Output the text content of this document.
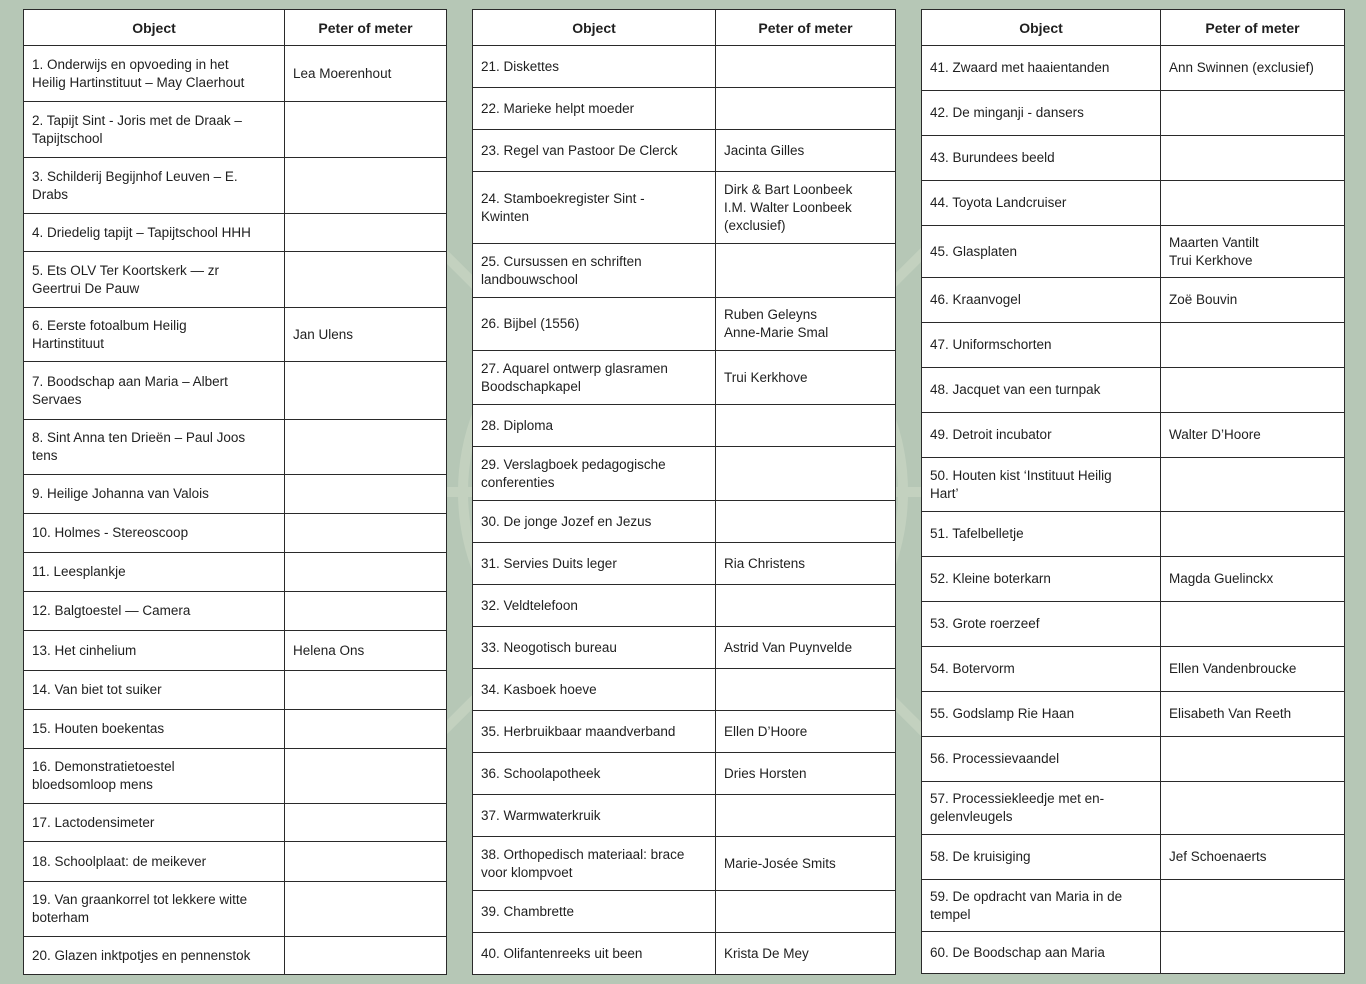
Object	Peter of meter
1. Onderwijs en opvoeding in het
Heilig Hartinstituut – May Claerhout	Lea Moerenhout
2. Tapijt Sint - Joris met de Draak –
Tapijtschool	
3. Schilderij Begijnhof Leuven – E.
Drabs	
4. Driedelig tapijt – Tapijtschool HHH	
5. Ets OLV Ter Koortskerk — zr
Geertrui De Pauw	
6. Eerste fotoalbum Heilig
Hartinstituut	Jan Ulens
7. Boodschap aan Maria – Albert
Servaes	
8. Sint Anna ten Drieën – Paul Joos
tens	
9. Heilige Johanna van Valois	
10. Holmes - Stereoscoop	
11. Leesplankje	
12. Balgtoestel — Camera	
13. Het cinhelium	Helena Ons
14. Van biet tot suiker	
15. Houten boekentas	
16. Demonstratietoestel
bloedsomloop mens	
17. Lactodensimeter	
18. Schoolplaat: de meikever	
19. Van graankorrel tot lekkere witte
boterham	
20. Glazen inktpotjes en pennenstok	
Object	Peter of meter
21. Diskettes	
22. Marieke helpt moeder	
23. Regel van Pastoor De Clerck	Jacinta Gilles
24. Stamboekregister Sint -
Kwinten	Dirk & Bart Loonbeek
I.M. Walter Loonbeek
(exclusief)
25. Cursussen en schriften
landbouwschool	
26. Bijbel (1556)	Ruben Geleyns
Anne-Marie Smal
27. Aquarel ontwerp glasramen
Boodschapkapel	Trui Kerkhove
28. Diploma	
29. Verslagboek pedagogische
conferenties	
30. De jonge Jozef en Jezus	
31. Servies Duits leger	Ria Christens
32. Veldtelefoon	
33. Neogotisch bureau	Astrid Van Puynvelde
34. Kasboek hoeve	
35. Herbruikbaar maandverband	Ellen D’Hoore
36. Schoolapotheek	Dries Horsten
37. Warmwaterkruik	
38. Orthopedisch materiaal: brace
voor klompvoet	Marie-Josée Smits
39. Chambrette	
40. Olifantenreeks uit been	Krista De Mey
Object	Peter of meter
41. Zwaard met haaientanden	Ann Swinnen (exclusief)
42. De minganji - dansers	
43. Burundees beeld	
44. Toyota Landcruiser	
45. Glasplaten	Maarten Vantilt
Trui Kerkhove
46. Kraanvogel	Zoë Bouvin
47. Uniformschorten	
48. Jacquet van een turnpak	
49. Detroit incubator	Walter D’Hoore
50. Houten kist ‘Instituut Heilig
Hart’	
51. Tafelbelletje	
52. Kleine boterkarn	Magda Guelinckx
53. Grote roerzeef	
54. Botervorm	Ellen Vandenbroucke
55. Godslamp Rie Haan	Elisabeth Van Reeth
56. Processievaandel	
57. Processiekleedje met en-
gelenvleugels	
58. De kruisiging	Jef Schoenaerts
59. De opdracht van Maria in de
tempel	
60. De Boodschap aan Maria	
